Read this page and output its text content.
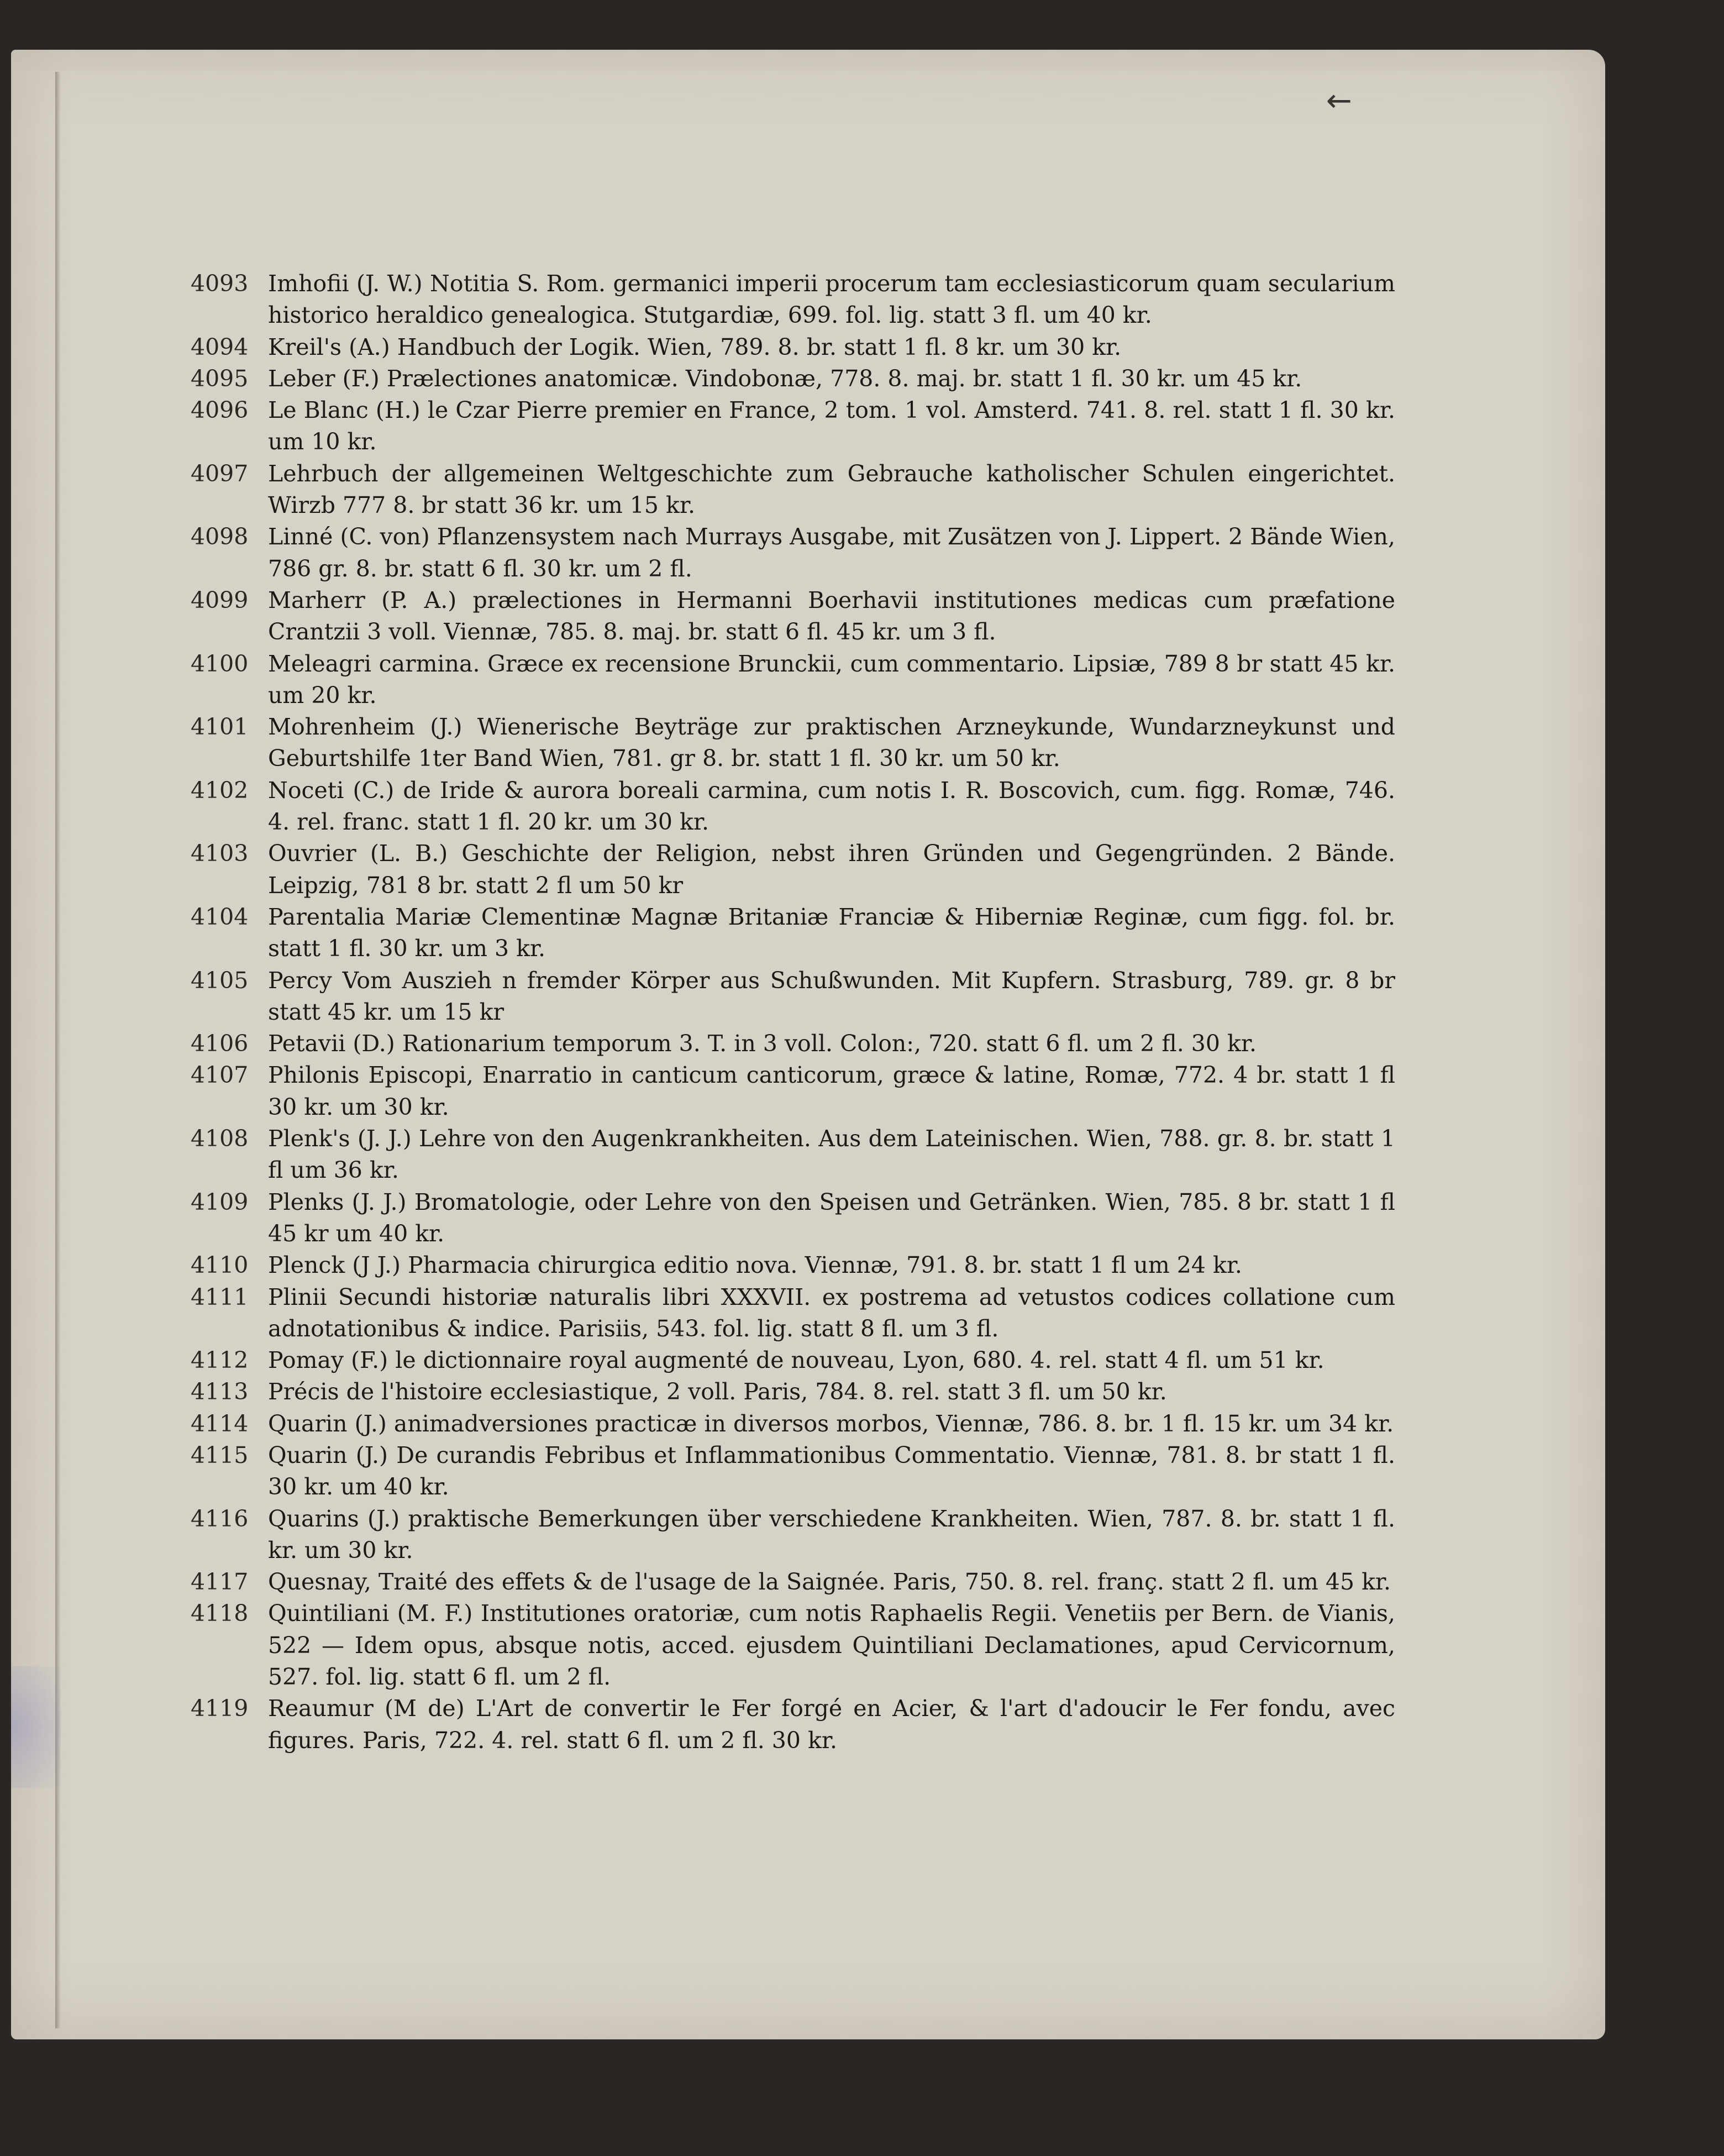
←
4093 Imhofii (J. W.) Notitia S. Rom. germanici imperii procerum tam ecclesiasticorum quam secularium historico heraldico genealogica. Stutgardiæ, 699. fol. lig. statt 3 fl. um 40 kr.
4094 Kreil's (A.) Handbuch der Logik. Wien, 789. 8. br. statt 1 fl. 8 kr. um 30 kr.
4095 Leber (F.) Prælectiones anatomicæ. Vindobonæ, 778. 8. maj. br. statt 1 fl. 30 kr. um 45 kr.
4096 Le Blanc (H.) le Czar Pierre premier en France, 2 tom. 1 vol. Amsterd. 741. 8. rel. statt 1 fl. 30 kr. um 10 kr.
4097 Lehrbuch der allgemeinen Weltgeschichte zum Gebrauche katholischer Schulen eingerichtet. Wirzb 777 8. br statt 36 kr. um 15 kr.
4098 Linné (C. von) Pflanzensystem nach Murrays Ausgabe, mit Zusätzen von J. Lippert. 2 Bände Wien, 786 gr. 8. br. statt 6 fl. 30 kr. um 2 fl.
4099 Marherr (P. A.) prælectiones in Hermanni Boerhavii institutiones medicas cum præfatione Crantzii 3 voll. Viennæ, 785. 8. maj. br. statt 6 fl. 45 kr. um 3 fl.
4100 Meleagri carmina. Græce ex recensione Brunckii, cum commentario. Lipsiæ, 789 8 br statt 45 kr. um 20 kr.
4101 Mohrenheim (J.) Wienerische Beyträge zur praktischen Arzneykunde, Wundarzneykunst und Geburtshilfe 1ter Band Wien, 781. gr 8. br. statt 1 fl. 30 kr. um 50 kr.
4102 Noceti (C.) de Iride & aurora boreali carmina, cum notis I. R. Boscovich, cum. figg. Romæ, 746. 4. rel. franc. statt 1 fl. 20 kr. um 30 kr.
4103 Ouvrier (L. B.) Geschichte der Religion, nebst ihren Gründen und Gegengründen. 2 Bände. Leipzig, 781 8 br. statt 2 fl um 50 kr
4104 Parentalia Mariæ Clementinæ Magnæ Britaniæ Franciæ & Hiberniæ Reginæ, cum figg. fol. br. statt 1 fl. 30 kr. um 3 kr.
4105 Percy Vom Auszieh n fremder Körper aus Schußwunden. Mit Kupfern. Strasburg, 789. gr. 8 br statt 45 kr. um 15 kr
4106 Petavii (D.) Rationarium temporum 3. T. in 3 voll. Colon:, 720. statt 6 fl. um 2 fl. 30 kr.
4107 Philonis Episcopi, Enarratio in canticum canticorum, græce & latine, Romæ, 772. 4 br. statt 1 fl 30 kr. um 30 kr.
4108 Plenk's (J. J.) Lehre von den Augenkrankheiten. Aus dem Lateinischen. Wien, 788. gr. 8. br. statt 1 fl um 36 kr.
4109 Plenks (J. J.) Bromatologie, oder Lehre von den Speisen und Getränken. Wien, 785. 8 br. statt 1 fl 45 kr um 40 kr.
4110 Plenck (J J.) Pharmacia chirurgica editio nova. Viennæ, 791. 8. br. statt 1 fl um 24 kr.
4111 Plinii Secundi historiæ naturalis libri XXXVII. ex postrema ad vetustos codices collatione cum adnotationibus & indice. Parisiis, 543. fol. lig. statt 8 fl. um 3 fl.
4112 Pomay (F.) le dictionnaire royal augmenté de nouveau, Lyon, 680. 4. rel. statt 4 fl. um 51 kr.
4113 Précis de l'histoire ecclesiastique, 2 voll. Paris, 784. 8. rel. statt 3 fl. um 50 kr.
4114 Quarin (J.) animadversiones practicæ in diversos morbos, Viennæ, 786. 8. br. 1 fl. 15 kr. um 34 kr.
4115 Quarin (J.) De curandis Febribus et Inflammationibus Commentatio. Viennæ, 781. 8. br statt 1 fl. 30 kr. um 40 kr.
4116 Quarins (J.) praktische Bemerkungen über verschiedene Krankheiten. Wien, 787. 8. br. statt 1 fl. kr. um 30 kr.
4117 Quesnay, Traité des effets & de l'usage de la Saignée. Paris, 750. 8. rel. franç. statt 2 fl. um 45 kr.
4118 Quintiliani (M. F.) Institutiones oratoriæ, cum notis Raphaelis Regii. Venetiis per Bern. de Vianis, 522 — Idem opus, absque notis, acced. ejusdem Quintiliani Declamationes, apud Cervicornum, 527. fol. lig. statt 6 fl. um 2 fl.
4119 Reaumur (M de) L'Art de convertir le Fer forgé en Acier, & l'art d'adoucir le Fer fondu, avec figures. Paris, 722. 4. rel. statt 6 fl. um 2 fl. 30 kr.
